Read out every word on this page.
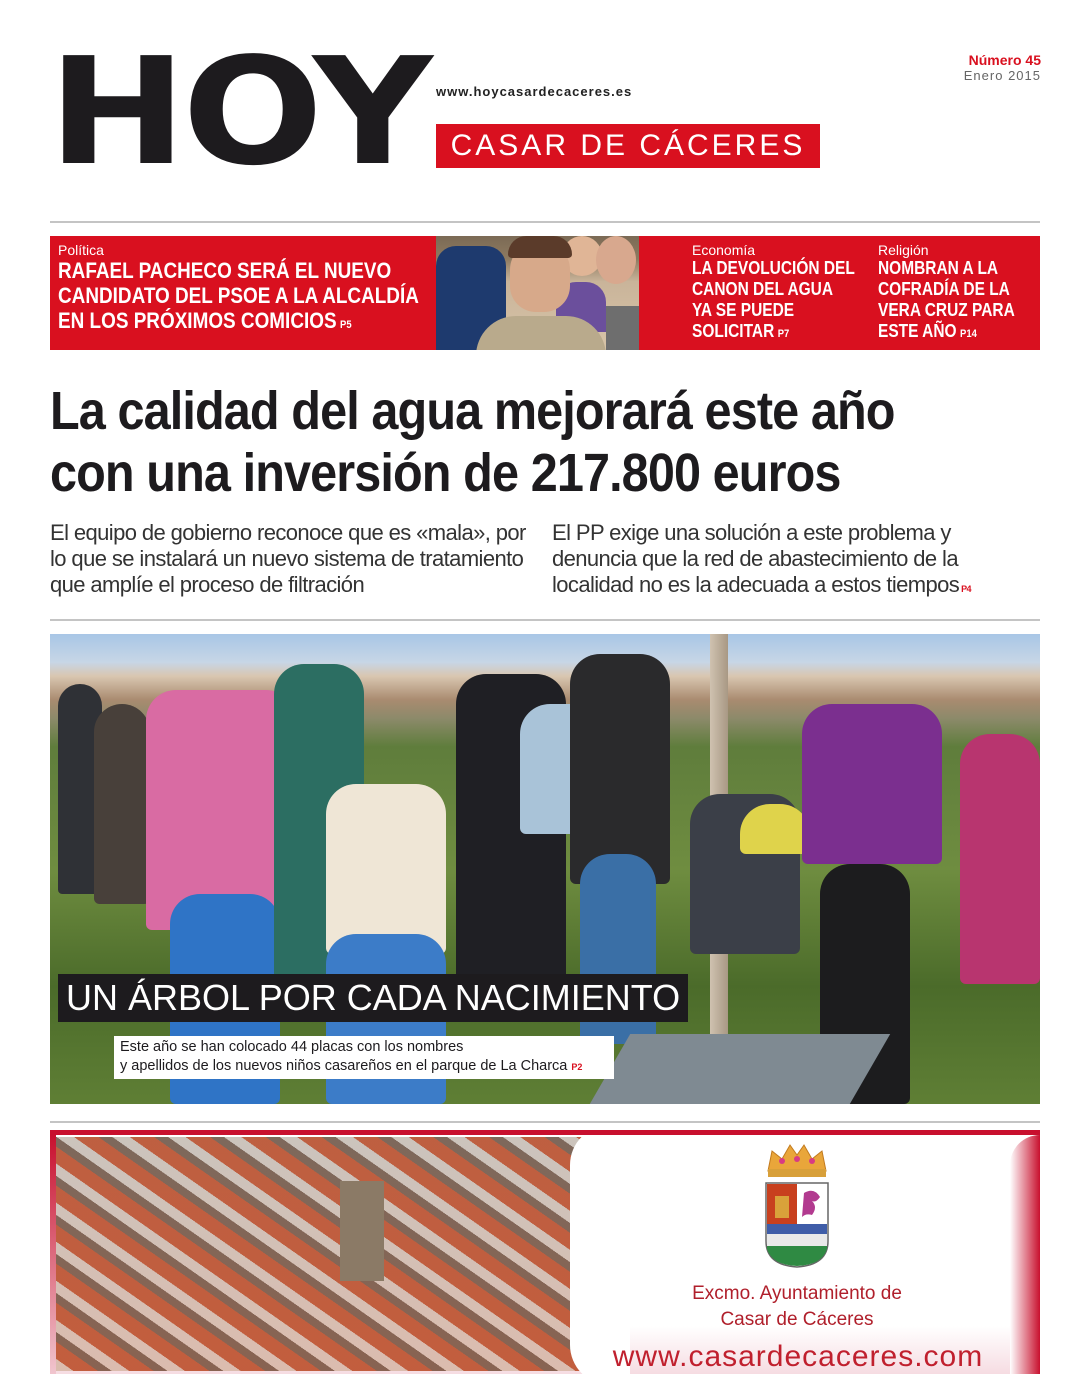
HOY www.hoycasardecaceres.es
CASAR DE CÁCERES
Número 45
Enero 2015
Política
RAFAEL PACHECO SERÁ EL NUEVO CANDIDATO DEL PSOE A LA ALCALDÍA EN LOS PRÓXIMOS COMICIOS P5
Economía
LA DEVOLUCIÓN DEL CANON DEL AGUA YA SE PUEDE SOLICITAR P7
Religión
NOMBRAN A LA COFRADÍA DE LA VERA CRUZ PARA ESTE AÑO P14
La calidad del agua mejorará este año
con una inversión de 217.800 euros
El equipo de gobierno reconoce que es «mala», por lo que se instalará un nuevo sistema de tratamiento que amplíe el proceso de filtración
El PP exige una solución a este problema y denuncia que la red de abastecimiento de la localidad no es la adecuada a estos tiempos P4
UN ÁRBOL POR CADA NACIMIENTO
Este año se han colocado 44 placas con los nombres
y apellidos de los nuevos niños casareños en el parque de La Charca P2
Excmo. Ayuntamiento de
Casar de Cáceres
www.casardecaceres.com
